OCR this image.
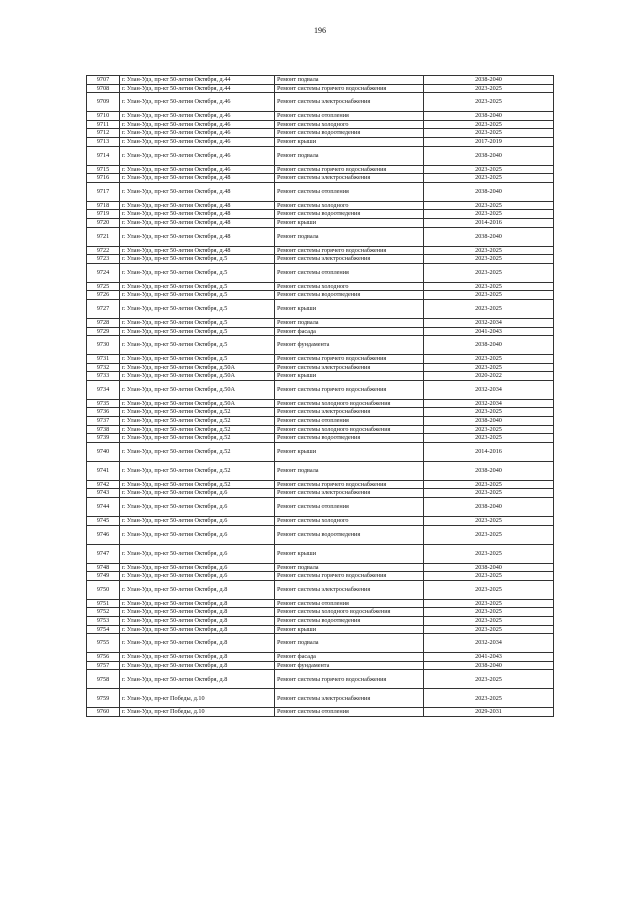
196
9707	г. Улан-Удэ, пр-кт 50-летия Октября, д.44	Ремонт подвала	2038-2040
9708	г. Улан-Удэ, пр-кт 50-летия Октября, д.44	Ремонт системы горячего водоснабжения	2023-2025
9709	г. Улан-Удэ, пр-кт 50-летия Октября, д.46	Ремонт системы электроснабжения	2023-2025
9710	г. Улан-Удэ, пр-кт 50-летия Октября, д.46	Ремонт системы отопления	2038-2040
9711	г. Улан-Удэ, пр-кт 50-летия Октября, д.46	Ремонт системы холодного	2023-2025
9712	г. Улан-Удэ, пр-кт 50-летия Октября, д.46	Ремонт системы водоотведения	2023-2025
9713	г. Улан-Удэ, пр-кт 50-летия Октября, д.46	Ремонт крыши	2017-2019
9714	г. Улан-Удэ, пр-кт 50-летия Октября, д.46	Ремонт подвала	2038-2040
9715	г. Улан-Удэ, пр-кт 50-летия Октября, д.46	Ремонт системы горячего водоснабжения	2023-2025
9716	г. Улан-Удэ, пр-кт 50-летия Октября, д.48	Ремонт системы электроснабжения	2023-2025
9717	г. Улан-Удэ, пр-кт 50-летия Октября, д.48	Ремонт системы отопления	2038-2040
9718	г. Улан-Удэ, пр-кт 50-летия Октября, д.48	Ремонт системы холодного	2023-2025
9719	г. Улан-Удэ, пр-кт 50-летия Октября, д.48	Ремонт системы водоотведения	2023-2025
9720	г. Улан-Удэ, пр-кт 50-летия Октября, д.48	Ремонт крыши	2014-2016
9721	г. Улан-Удэ, пр-кт 50-летия Октября, д.48	Ремонт подвала	2038-2040
9722	г. Улан-Удэ, пр-кт 50-летия Октября, д.48	Ремонт системы горячего водоснабжения	2023-2025
9723	г. Улан-Удэ, пр-кт 50-летия Октября, д.5	Ремонт системы электроснабжения	2023-2025
9724	г. Улан-Удэ, пр-кт 50-летия Октября, д.5	Ремонт системы отопления	2023-2025
9725	г. Улан-Удэ, пр-кт 50-летия Октября, д.5	Ремонт системы холодного	2023-2025
9726	г. Улан-Удэ, пр-кт 50-летия Октября, д.5	Ремонт системы водоотведения	2023-2025
9727	г. Улан-Удэ, пр-кт 50-летия Октября, д.5	Ремонт крыши	2023-2025
9728	г. Улан-Удэ, пр-кт 50-летия Октября, д.5	Ремонт подвала	2032-2034
9729	г. Улан-Удэ, пр-кт 50-летия Октября, д.5	Ремонт фасада	2041-2043
9730	г. Улан-Удэ, пр-кт 50-летия Октября, д.5	Ремонт фундамента	2038-2040
9731	г. Улан-Удэ, пр-кт 50-летия Октября, д.5	Ремонт системы горячего водоснабжения	2023-2025
9732	г. Улан-Удэ, пр-кт 50-летия Октября, д.50А	Ремонт системы электроснабжения	2023-2025
9733	г. Улан-Удэ, пр-кт 50-летия Октября, д.50А	Ремонт крыши	2020-2022
9734	г. Улан-Удэ, пр-кт 50-летия Октября, д.50А	Ремонт системы горячего водоснабжения	2032-2034
9735	г. Улан-Удэ, пр-кт 50-летия Октября, д.50А	Ремонт системы холодного водоснабжения	2032-2034
9736	г. Улан-Удэ, пр-кт 50-летия Октября, д.52	Ремонт системы электроснабжения	2023-2025
9737	г. Улан-Удэ, пр-кт 50-летия Октября, д.52	Ремонт системы отопления	2038-2040
9738	г. Улан-Удэ, пр-кт 50-летия Октября, д.52	Ремонт системы холодного водоснабжения	2023-2025
9739	г. Улан-Удэ, пр-кт 50-летия Октября, д.52	Ремонт системы водоотведения	2023-2025
9740	г. Улан-Удэ, пр-кт 50-летия Октября, д.52	Ремонт крыши	2014-2016
9741	г. Улан-Удэ, пр-кт 50-летия Октября, д.52	Ремонт подвала	2038-2040
9742	г. Улан-Удэ, пр-кт 50-летия Октября, д.52	Ремонт системы горячего водоснабжения	2023-2025
9743	г. Улан-Удэ, пр-кт 50-летия Октября, д.6	Ремонт системы электроснабжения	2023-2025
9744	г. Улан-Удэ, пр-кт 50-летия Октября, д.6	Ремонт системы отопления	2038-2040
9745	г. Улан-Удэ, пр-кт 50-летия Октября, д.6	Ремонт системы холодного	2023-2025
9746	г. Улан-Удэ, пр-кт 50-летия Октября, д.6	Ремонт системы водоотведения	2023-2025
9747	г. Улан-Удэ, пр-кт 50-летия Октября, д.6	Ремонт крыши	2023-2025
9748	г. Улан-Удэ, пр-кт 50-летия Октября, д.6	Ремонт подвала	2038-2040
9749	г. Улан-Удэ, пр-кт 50-летия Октября, д.6	Ремонт системы горячего водоснабжения	2023-2025
9750	г. Улан-Удэ, пр-кт 50-летия Октября, д.8	Ремонт системы электроснабжения	2023-2025
9751	г. Улан-Удэ, пр-кт 50-летия Октября, д.8	Ремонт системы отопления	2023-2025
9752	г. Улан-Удэ, пр-кт 50-летия Октября, д.8	Ремонт системы холодного водоснабжения	2023-2025
9753	г. Улан-Удэ, пр-кт 50-летия Октября, д.8	Ремонт системы водоотведения	2023-2025
9754	г. Улан-Удэ, пр-кт 50-летия Октября, д.8	Ремонт крыши	2023-2025
9755	г. Улан-Удэ, пр-кт 50-летия Октября, д.8	Ремонт подвала	2032-2034
9756	г. Улан-Удэ, пр-кт 50-летия Октября, д.8	Ремонт фасада	2041-2043
9757	г. Улан-Удэ, пр-кт 50-летия Октября, д.8	Ремонт фундамента	2038-2040
9758	г. Улан-Удэ, пр-кт 50-летия Октября, д.8	Ремонт системы горячего водоснабжения	2023-2025
9759	г. Улан-Удэ, пр-кт Победы, д.10	Ремонт системы электроснабжения	2023-2025
9760	г. Улан-Удэ, пр-кт Победы, д.10	Ремонт системы отопления	2029-2031
